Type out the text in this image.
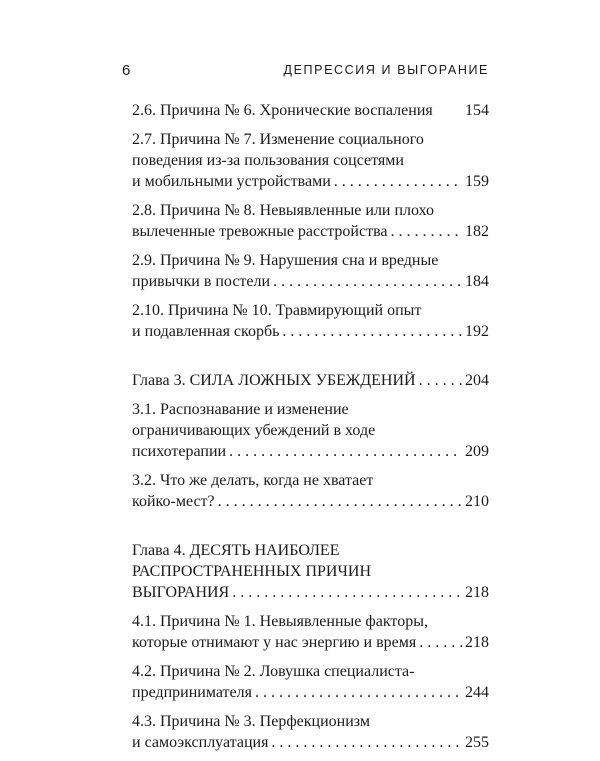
6	ДЕПРЕССИЯ И ВЫГОРАНИЕ
2.6. Причина № 6. Хронические воспаления 154
2.7. Причина № 7. Изменение социального
поведения из-за пользования соцсетями
и мобильными устройствами . . .	159
2.8. Причина № 8. Невыявленные или плохо
вылеченные тревожные расстройства . . .	182
2.9. Причина № 9. Нарушения сна и вредные
привычки в постели . . .	184
2.10. Причина № 10. Травмирующий опыт
и подавленная скорбь . . .	192
Глава 3. СИЛА ЛОЖНЫХ УБЕЖДЕНИЙ . . .	204
3.1. Распознавание и изменение
ограничивающих убеждений в ходе
психотерапии . . .	209
3.2. Что же делать, когда не хватает
койко-мест? . . .	210
Глава 4. ДЕСЯТЬ НАИБОЛЕЕ
РАСПРОСТРАНЕННЫХ ПРИЧИН
ВЫГОРАНИЯ . . .	218
4.1. Причина № 1. Невыявленные факторы,
которые отнимают у нас энергию и время . . .	218
4.2. Причина № 2. Ловушка специалиста-
предпринимателя . . .	244
4.3. Причина № 3. Перфекционизм
и самоэксплуатация . . .	255
